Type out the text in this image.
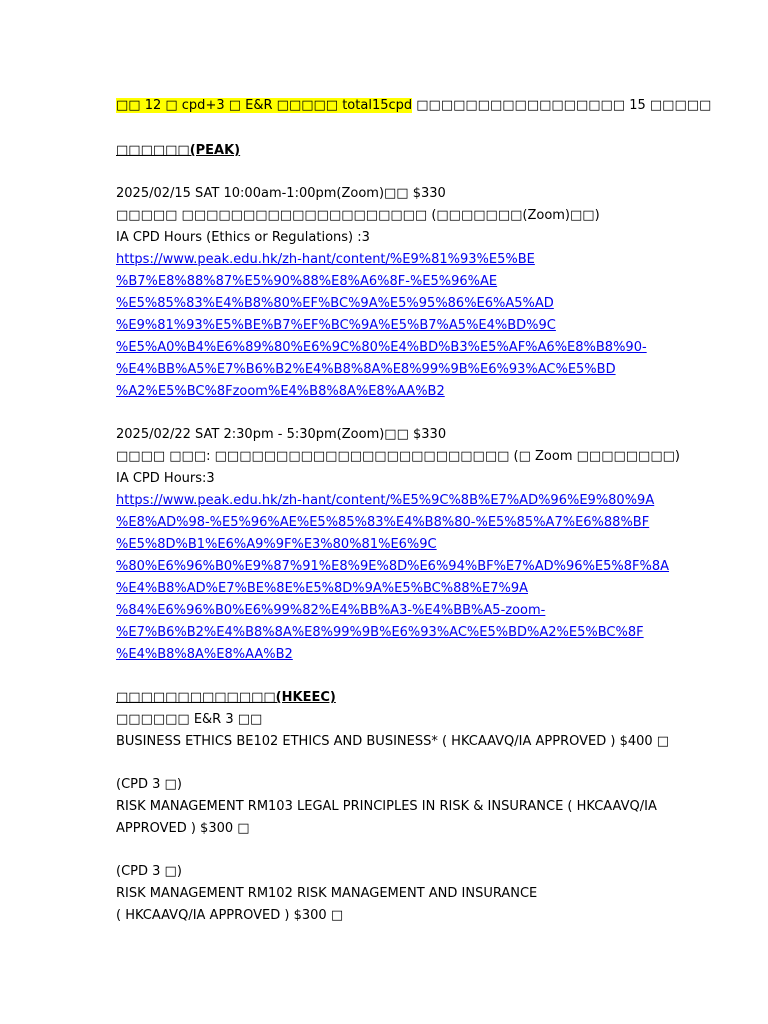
□□ 12 □ cpd+3 □ E&R □□□□□ total15cpd □□□□□□□□□□□□□□□□□ 15 □□□□□
□□□□□□(PEAK)
2025/02/15 SAT 10:00am-1:00pm(Zoom)□□ $330
□□□□□ □□□□□□□□□□□□□□□□□□□□ (□□□□□□□(Zoom)□□)
IA CPD Hours (Ethics or Regulations) :3
https://www.peak.edu.hk/zh-hant/content/%E9%81%93%E5%BE
%B7%E8%88%87%E5%90%88%E8%A6%8F-%E5%96%AE
%E5%85%83%E4%B8%80%EF%BC%9A%E5%95%86%E6%A5%AD
%E9%81%93%E5%BE%B7%EF%BC%9A%E5%B7%A5%E4%BD%9C
%E5%A0%B4%E6%89%80%E6%9C%80%E4%BD%B3%E5%AF%A6%E8%B8%90-
%E4%BB%A5%E7%B6%B2%E4%B8%8A%E8%99%9B%E6%93%AC%E5%BD
%A2%E5%BC%8Fzoom%E4%B8%8A%E8%AA%B2
2025/02/22 SAT 2:30pm - 5:30pm(Zoom)□□ $330
□□□□ □□□: □□□□□□□□□□□□□□□□□□□□□□□□ (□ Zoom □□□□□□□□)
IA CPD Hours:3
https://www.peak.edu.hk/zh-hant/content/%E5%9C%8B%E7%AD%96%E9%80%9A
%E8%AD%98-%E5%96%AE%E5%85%83%E4%B8%80-%E5%85%A7%E6%88%BF
%E5%8D%B1%E6%A9%9F%E3%80%81%E6%9C
%80%E6%96%B0%E9%87%91%E8%9E%8D%E6%94%BF%E7%AD%96%E5%8F%8A
%E4%B8%AD%E7%BE%8E%E5%8D%9A%E5%BC%88%E7%9A
%84%E6%96%B0%E6%99%82%E4%BB%A3-%E4%BB%A5-zoom-
%E7%B6%B2%E4%B8%8A%E8%99%9B%E6%93%AC%E5%BD%A2%E5%BC%8F
%E4%B8%8A%E8%AA%B2
□□□□□□□□□□□□□(HKEEC)
□□□□□□ E&R 3 □□
BUSINESS ETHICS BE102 ETHICS AND BUSINESS* ( HKCAAVQ/IA APPROVED ) $400 □
(CPD 3 □)
RISK MANAGEMENT RM103 LEGAL PRINCIPLES IN RISK & INSURANCE ( HKCAAVQ/IA
APPROVED ) $300 □
(CPD 3 □)
RISK MANAGEMENT RM102 RISK MANAGEMENT AND INSURANCE
( HKCAAVQ/IA APPROVED ) $300 □
